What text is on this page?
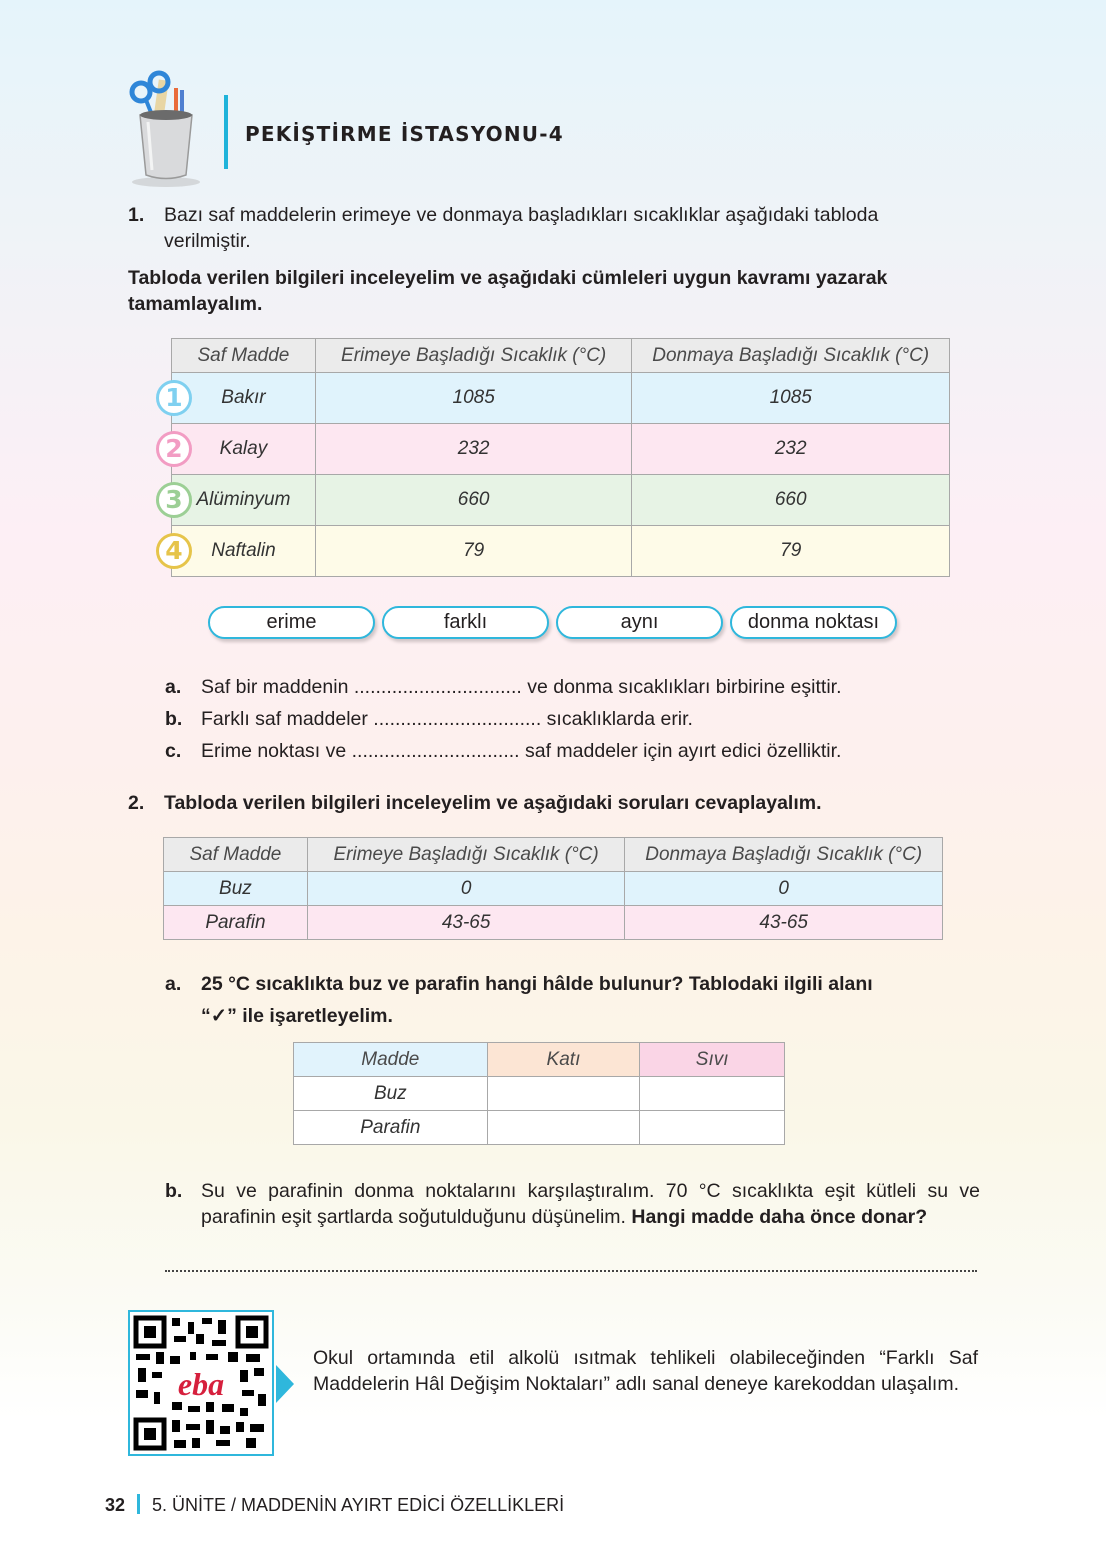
PEKİŞTİRME İSTASYONU-4
1. Bazı saf maddelerin erimeye ve donmaya başladıkları sıcaklıklar aşağıdaki tabloda
verilmiştir.
Tabloda verilen bilgileri inceleyelim ve aşağıdaki cümleleri uygun kavramı yazarak tamamlayalım.
Saf Madde	Erimeye Başladığı Sıcaklık (°C)	Donmaya Başladığı Sıcaklık (°C)
Bakır	1085	1085
Kalay	232	232
Alüminyum	660	660
Naftalin	79	79
1
2
3
4
erime	farklı	aynı	donma noktası
a. Saf bir maddenin ............................... ve donma sıcaklıkları birbirine eşittir.
b. Farklı saf maddeler ............................... sıcaklıklarda erir.
c. Erime noktası ve ............................... saf maddeler için ayırt edici özelliktir.
2. Tabloda verilen bilgileri inceleyelim ve aşağıdaki soruları cevaplayalım.
Saf Madde	Erimeye Başladığı Sıcaklık (°C)	Donmaya Başladığı Sıcaklık (°C)
Buz	0	0
Parafin	43-65	43-65
a. 25 °C sıcaklıkta buz ve parafin hangi hâlde bulunur? Tablodaki ilgili alanı
“✓” ile işaretleyelim.
Madde	Katı	Sıvı
Buz		
Parafin		
b. Su ve parafinin donma noktalarını karşılaştıralım. 70 °C sıcaklıkta eşit kütleli su ve parafinin eşit şartlarda soğutulduğunu düşünelim. Hangi madde daha önce donar?
eba
Okul ortamında etil alkolü ısıtmak tehlikeli olabileceğinden “Farklı Saf Maddelerin Hâl Değişim Noktaları” adlı sanal deneye karekoddan ulaşalım.
32 5. ÜNİTE / MADDENİN AYIRT EDİCİ ÖZELLİKLERİ
